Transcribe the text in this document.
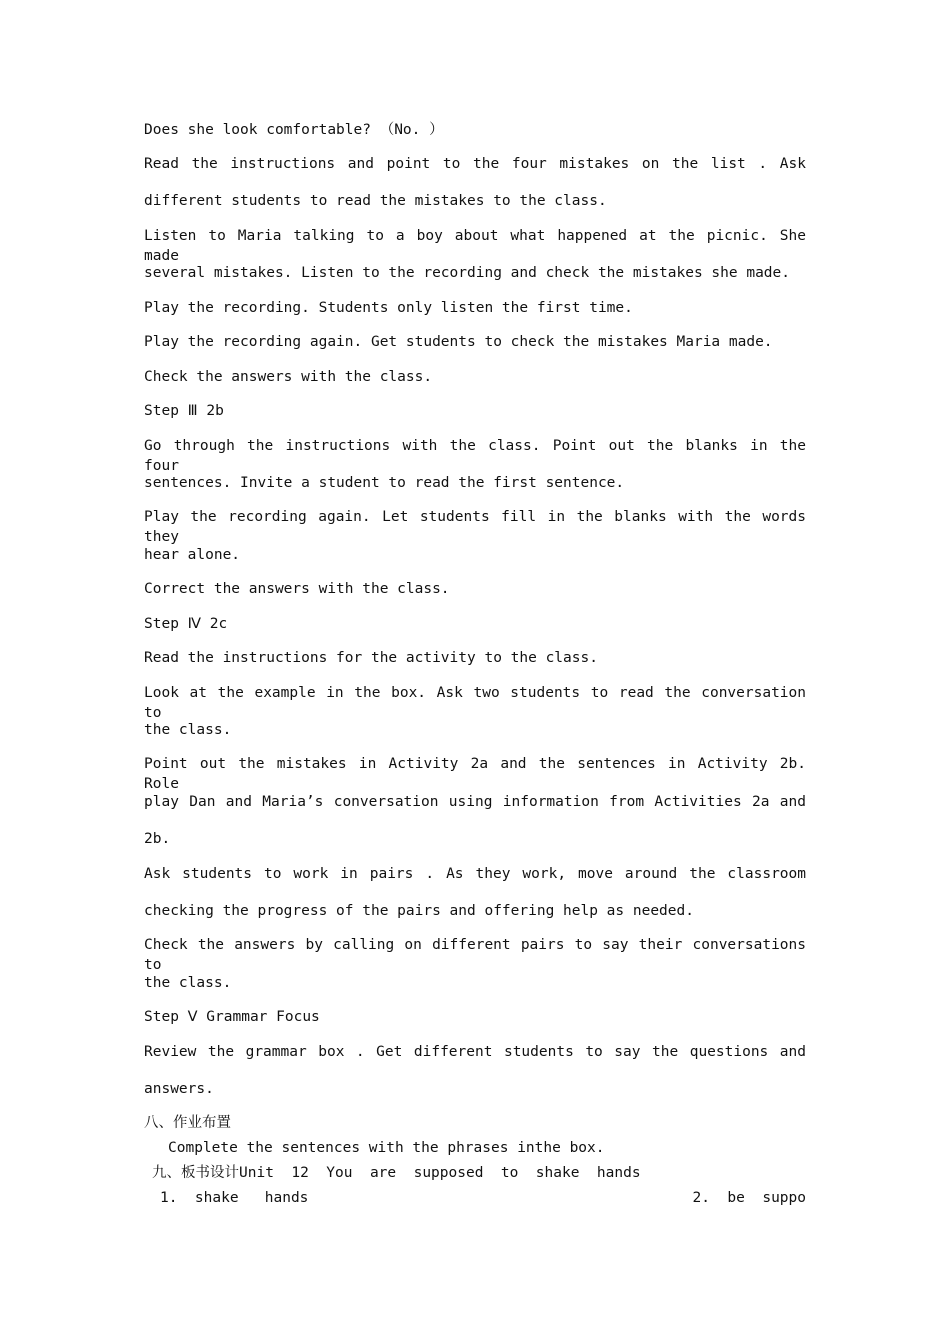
Does she look comfortable? （No. ）
Read the instructions and point to the four mistakes on the list . Ask
different students to read the mistakes to the class.
Listen to Maria talking to a boy about what happened at the picnic. She made
several mistakes. Listen to the recording and check the mistakes she made.
Play the recording. Students only listen the first time.
Play the recording again. Get students to check the mistakes Maria made.
Check the answers with the class.
Step Ⅲ 2b
Go through the instructions with the class. Point out the blanks in the four
sentences. Invite a student to read the first sentence.
Play the recording again. Let students fill in the blanks with the words they
hear alone.
Correct the answers with the class.
Step Ⅳ 2c
Read the instructions for the activity to the class.
Look at the example in the box. Ask two students to read the conversation to
the class.
Point out the mistakes in Activity 2a and the sentences in Activity 2b. Role
play Dan and Maria’s conversation using information from Activities 2a and
2b.
Ask students to work in pairs . As they work, move around the classroom
checking the progress of the pairs and offering help as needed.
Check the answers by calling on different pairs to say their conversations to
the class.
Step Ⅴ Grammar Focus
Review the grammar box . Get different students to say the questions and
answers.
八、作业布置
Complete the sentences with the phrases inthe box.
九、板书设计Unit  12  You  are  supposed  to  shake  hands
1.  shake   hands	2.  be  suppo
